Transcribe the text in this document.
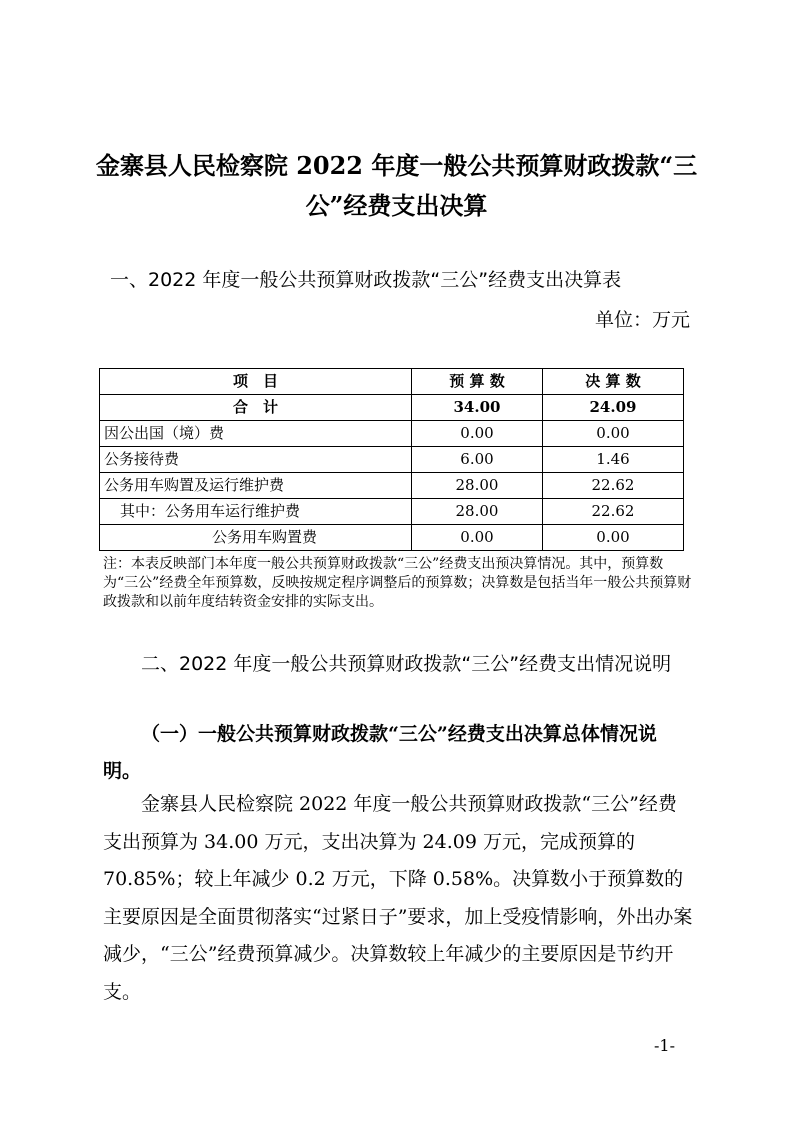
金寨县人民检察院 2022 年度一般公共预算财政拨款“三公”经费支出决算
一、2022 年度一般公共预算财政拨款“三公”经费支出决算表
单位：万元
项　目	预 算 数	决 算 数
合　计	34.00	24.09
因公出国（境）费	0.00	0.00
公务接待费	6.00	1.46
公务用车购置及运行维护费	28.00	22.62
其中：公务用车运行维护费	28.00	22.62
公务用车购置费	0.00	0.00
注：本表反映部门本年度一般公共预算财政拨款“三公”经费支出预决算情况。其中，预算数为“三公”经费全年预算数，反映按规定程序调整后的预算数；决算数是包括当年一般公共预算财政拨款和以前年度结转资金安排的实际支出。
二、2022 年度一般公共预算财政拨款“三公”经费支出情况说明
（一）一般公共预算财政拨款“三公”经费支出决算总体情况说明。
金寨县人民检察院 2022 年度一般公共预算财政拨款“三公”经费支出预算为 34.00 万元，支出决算为 24.09 万元，完成预算的 70.85%；较上年减少 0.2 万元，下降 0.58%。决算数小于预算数的主要原因是全面贯彻落实“过紧日子”要求，加上受疫情影响，外出办案减少，“三公”经费预算减少。决算数较上年减少的主要原因是节约开支。
-1-
